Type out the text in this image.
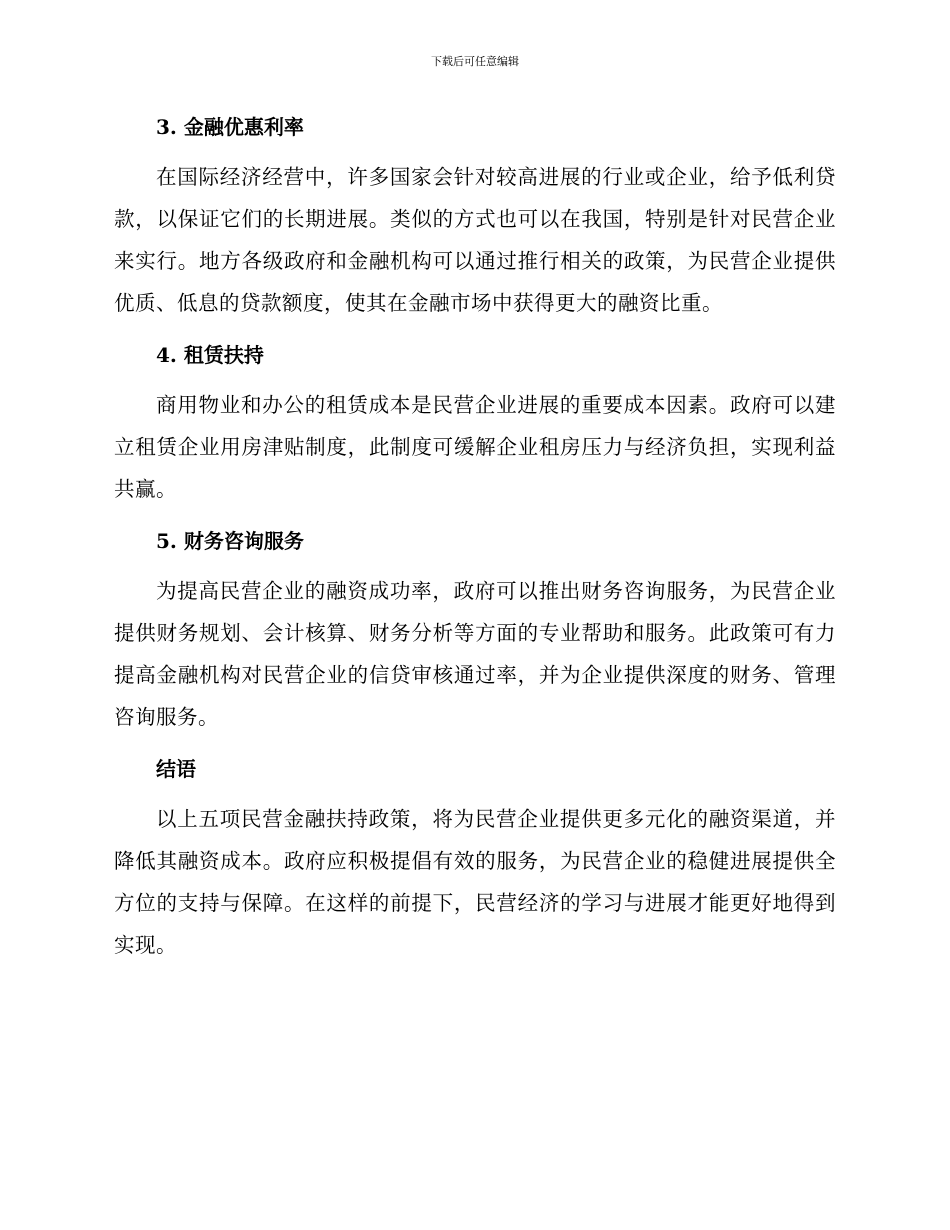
下载后可任意编辑
3. 金融优惠利率

在国际经济经营中，许多国家会针对较高进展的行业或企业，给予低利贷款，以保证它们的长期进展。类似的方式也可以在我国，特别是针对民营企业来实行。地方各级政府和金融机构可以通过推行相关的政策，为民营企业提供优质、低息的贷款额度，使其在金融市场中获得更大的融资比重。

4. 租赁扶持

商用物业和办公的租赁成本是民营企业进展的重要成本因素。政府可以建立租赁企业用房津贴制度，此制度可缓解企业租房压力与经济负担，实现利益共赢。

5. 财务咨询服务

为提高民营企业的融资成功率，政府可以推出财务咨询服务，为民营企业提供财务规划、会计核算、财务分析等方面的专业帮助和服务。此政策可有力提高金融机构对民营企业的信贷审核通过率，并为企业提供深度的财务、管理咨询服务。

结语

以上五项民营金融扶持政策，将为民营企业提供更多元化的融资渠道，并降低其融资成本。政府应积极提倡有效的服务，为民营企业的稳健进展提供全方位的支持与保障。在这样的前提下，民营经济的学习与进展才能更好地得到实现。
